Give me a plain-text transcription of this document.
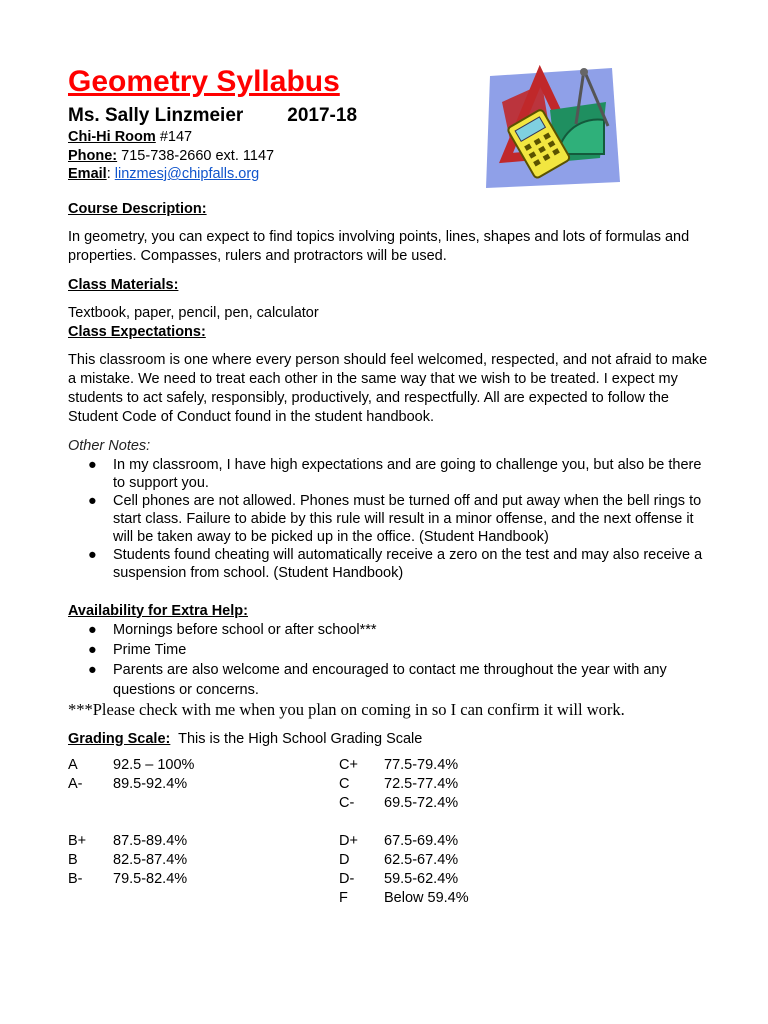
Geometry Syllabus
Ms. Sally Linzmeier 2017-18
Chi-Hi Room #147
Phone: 715-738-2660 ext. 1147
Email: linzmesj@chipfalls.org
Course Description:

In geometry, you can expect to find topics involving points, lines, shapes and lots of formulas and properties. Compasses, rulers and protractors will be used.

Class Materials:

Textbook, paper, pencil, pen, calculator

Class Expectations:

This classroom is one where every person should feel welcomed, respected, and not afraid to make a mistake. We need to treat each other in the same way that we wish to be treated. I expect my students to act safely, responsibly, productively, and respectfully. All are expected to follow the Student Code of Conduct found in the student handbook.

Other Notes:
● In my classroom, I have high expectations and are going to challenge you, but also be there to support you.
● Cell phones are not allowed. Phones must be turned off and put away when the bell rings to start class. Failure to abide by this rule will result in a minor offense, and the next offense it will be taken away to be picked up in the office. (Student Handbook)
● Students found cheating will automatically receive a zero on the test and may also receive a suspension from school. (Student Handbook)
Availability for Extra Help:
● Mornings before school or after school***
● Prime Time
● Parents are also welcome and encouraged to contact me throughout the year with any questions or concerns.
***Please check with me when you plan on coming in so I can confirm it will work.
Grading Scale: This is the High School Grading Scale
A 92.5 – 100%
A- 89.5-92.4%
B+ 87.5-89.4%
B 82.5-87.4%
B- 79.5-82.4%
C+ 77.5-79.4%
C 72.5-77.4%
C- 69.5-72.4%
D+ 67.5-69.4%
D 62.5-67.4%
D- 59.5-62.4%
F Below 59.4%
